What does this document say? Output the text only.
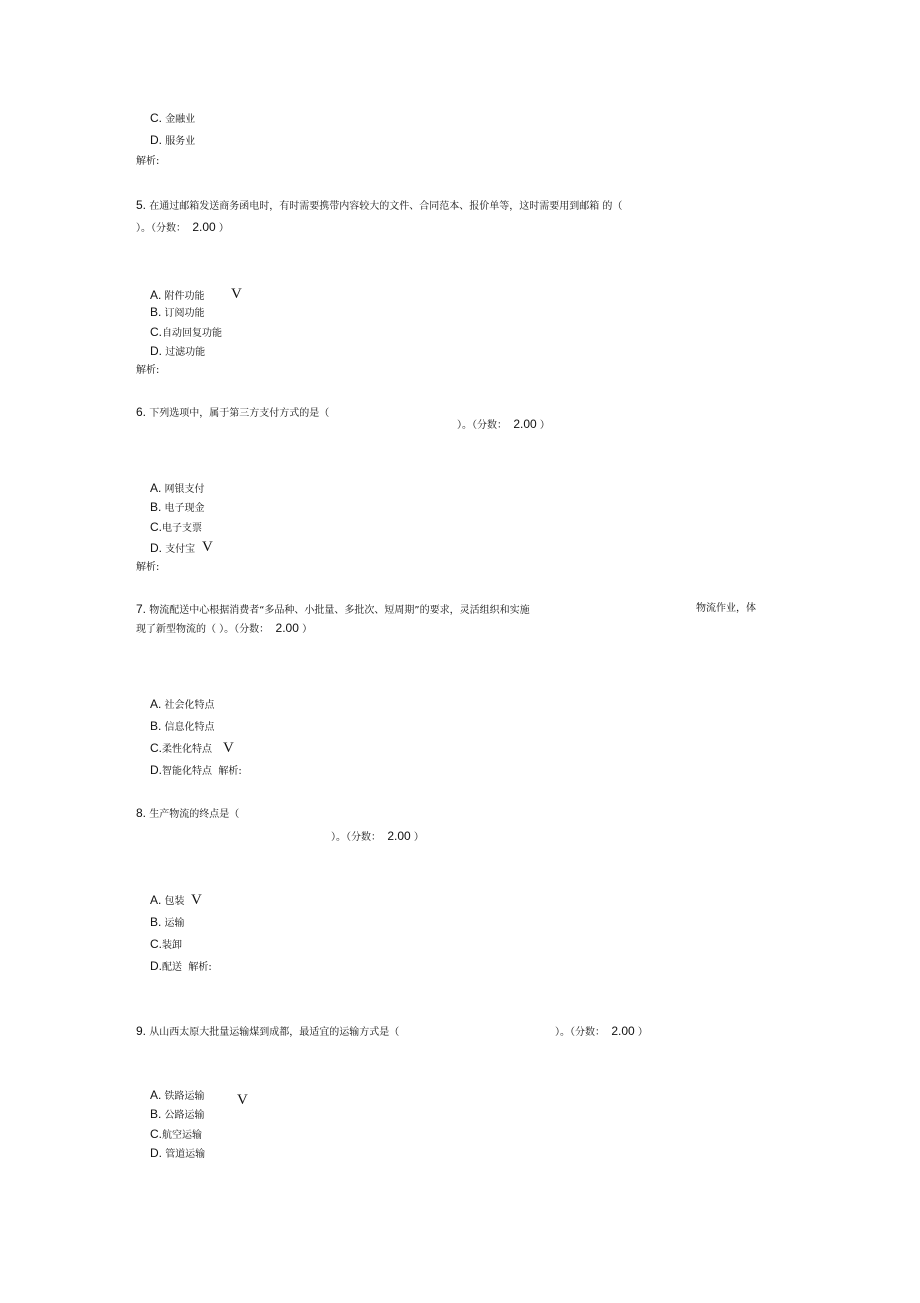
C. 金融业
D. 服务业
解析:
5. 在通过邮箱发送商务函电时，有时需要携带内容较大的文件、合同范本、报价单等，这时需要用到邮箱 的（
）。（分数： 2.00 ）
A. 附件功能 V
B. 订阅功能
C.自动回复功能
D. 过滤功能
解析:
6. 下列选项中，属于第三方支付方式的是（
）。（分数： 2.00 ）
A. 网银支付
B. 电子现金
C.电子支票
D. 支付宝 V
解析:
7. 物流配送中心根据消费者“多品种、小批量、多批次、短周期”的要求，灵活组织和实施	物流作业，体
现了新型物流的（ ）。（分数： 2.00 ）
A. 社会化特点
B. 信息化特点
C.柔性化特点 V
D.智能化特点 解析:
8. 生产物流的终点是（
）。（分数： 2.00 ）
A. 包装 V
B. 运输
C.装卸
D.配送 解析:
9. 从山西太原大批量运输煤到成都，最适宜的运输方式是（	）。（分数： 2.00 ）
A. 铁路运输 V
B. 公路运输
C.航空运输
D. 管道运输
